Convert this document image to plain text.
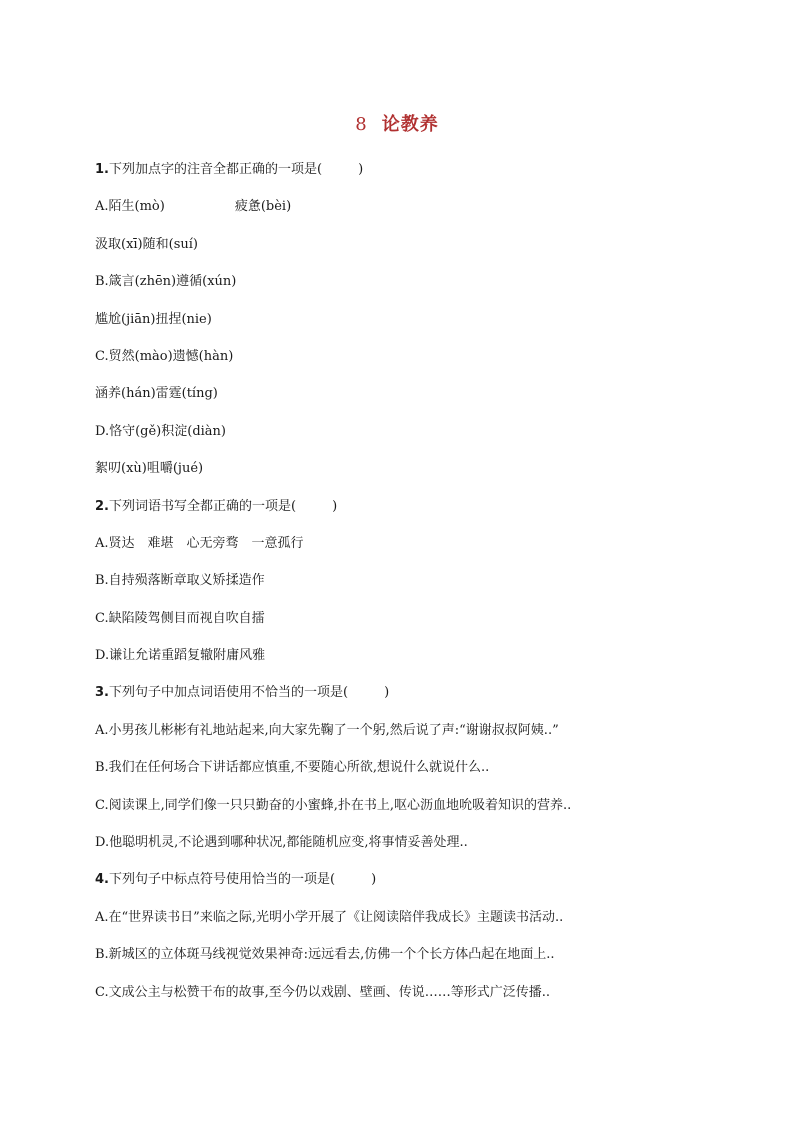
8 论教养
1.下列加点字的注音全都正确的一项是(	)
A.陌生(mò)	疲惫(bèi)
汲取(xī)随和(suí)
B.箴言(zhēn)遵循(xún)
尴尬(jiān)扭捏(nie)
C.贸然(mào)遗憾(hàn)
涵养(hán)雷霆(tíng)
D.恪守(gě)积淀(diàn)
絮叨(xù)咀嚼(jué)
2.下列词语书写全都正确的一项是(	)
A.贤达　难堪　心无旁骛　一意孤行
B.自持殒落断章取义矫揉造作
C.缺陷陵驾侧目而视自吹自擂
D.谦让允诺重蹈复辙附庸风雅
3.下列句子中加点词语使用不恰当的一项是(	)
A.小男孩儿彬彬有礼地站起来,向大家先鞠了一个躬,然后说了声:“谢谢叔叔阿姨..”
B.我们在任何场合下讲话都应慎重,不要随心所欲,想说什么就说什么..
C.阅读课上,同学们像一只只勤奋的小蜜蜂,扑在书上,呕心沥血地吮吸着知识的营养..
D.他聪明机灵,不论遇到哪种状况,都能随机应变,将事情妥善处理..
4.下列句子中标点符号使用恰当的一项是(	)
A.在“世界读书日”来临之际,光明小学开展了《让阅读陪伴我成长》主题读书活动..
B.新城区的立体斑马线视觉效果神奇:远远看去,仿佛一个个长方体凸起在地面上..
C.文成公主与松赞干布的故事,至今仍以戏剧、壁画、传说……等形式广泛传播..
